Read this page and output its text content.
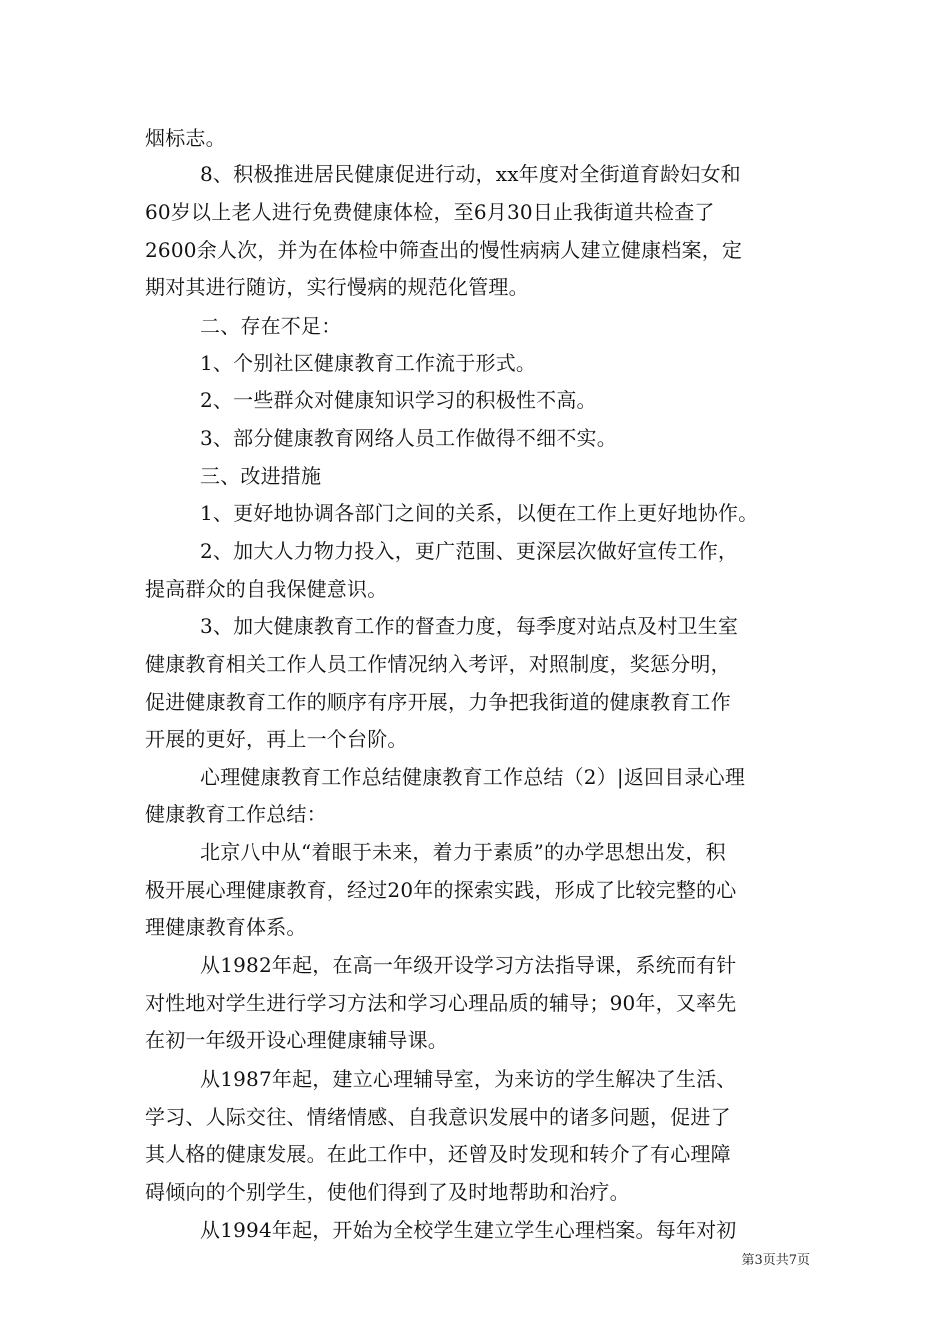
烟标志。
8、积极推进居民健康促进行动，xx年度对全街道育龄妇女和
60岁以上老人进行免费健康体检，至6月30日止我街道共检查了
2600余人次，并为在体检中筛查出的慢性病病人建立健康档案，定
期对其进行随访，实行慢病的规范化管理。
二、存在不足：
1、个别社区健康教育工作流于形式。
2、一些群众对健康知识学习的积极性不高。
3、部分健康教育网络人员工作做得不细不实。
三、改进措施
1、更好地协调各部门之间的关系，以便在工作上更好地协作。
2、加大人力物力投入，更广范围、更深层次做好宣传工作，
提高群众的自我保健意识。
3、加大健康教育工作的督查力度，每季度对站点及村卫生室
健康教育相关工作人员工作情况纳入考评，对照制度，奖惩分明，
促进健康教育工作的顺序有序开展，力争把我街道的健康教育工作
开展的更好，再上一个台阶。
心理健康教育工作总结健康教育工作总结（2）|返回目录心理
健康教育工作总结：
北京八中从“着眼于未来，着力于素质”的办学思想出发，积
极开展心理健康教育，经过20年的探索实践，形成了比较完整的心
理健康教育体系。
从1982年起，在高一年级开设学习方法指导课，系统而有针
对性地对学生进行学习方法和学习心理品质的辅导；90年，又率先
在初一年级开设心理健康辅导课。
从1987年起，建立心理辅导室，为来访的学生解决了生活、
学习、人际交往、情绪情感、自我意识发展中的诸多问题，促进了
其人格的健康发展。在此工作中，还曾及时发现和转介了有心理障
碍倾向的个别学生，使他们得到了及时地帮助和治疗。
从1994年起，开始为全校学生建立学生心理档案。每年对初
第3页共7页
